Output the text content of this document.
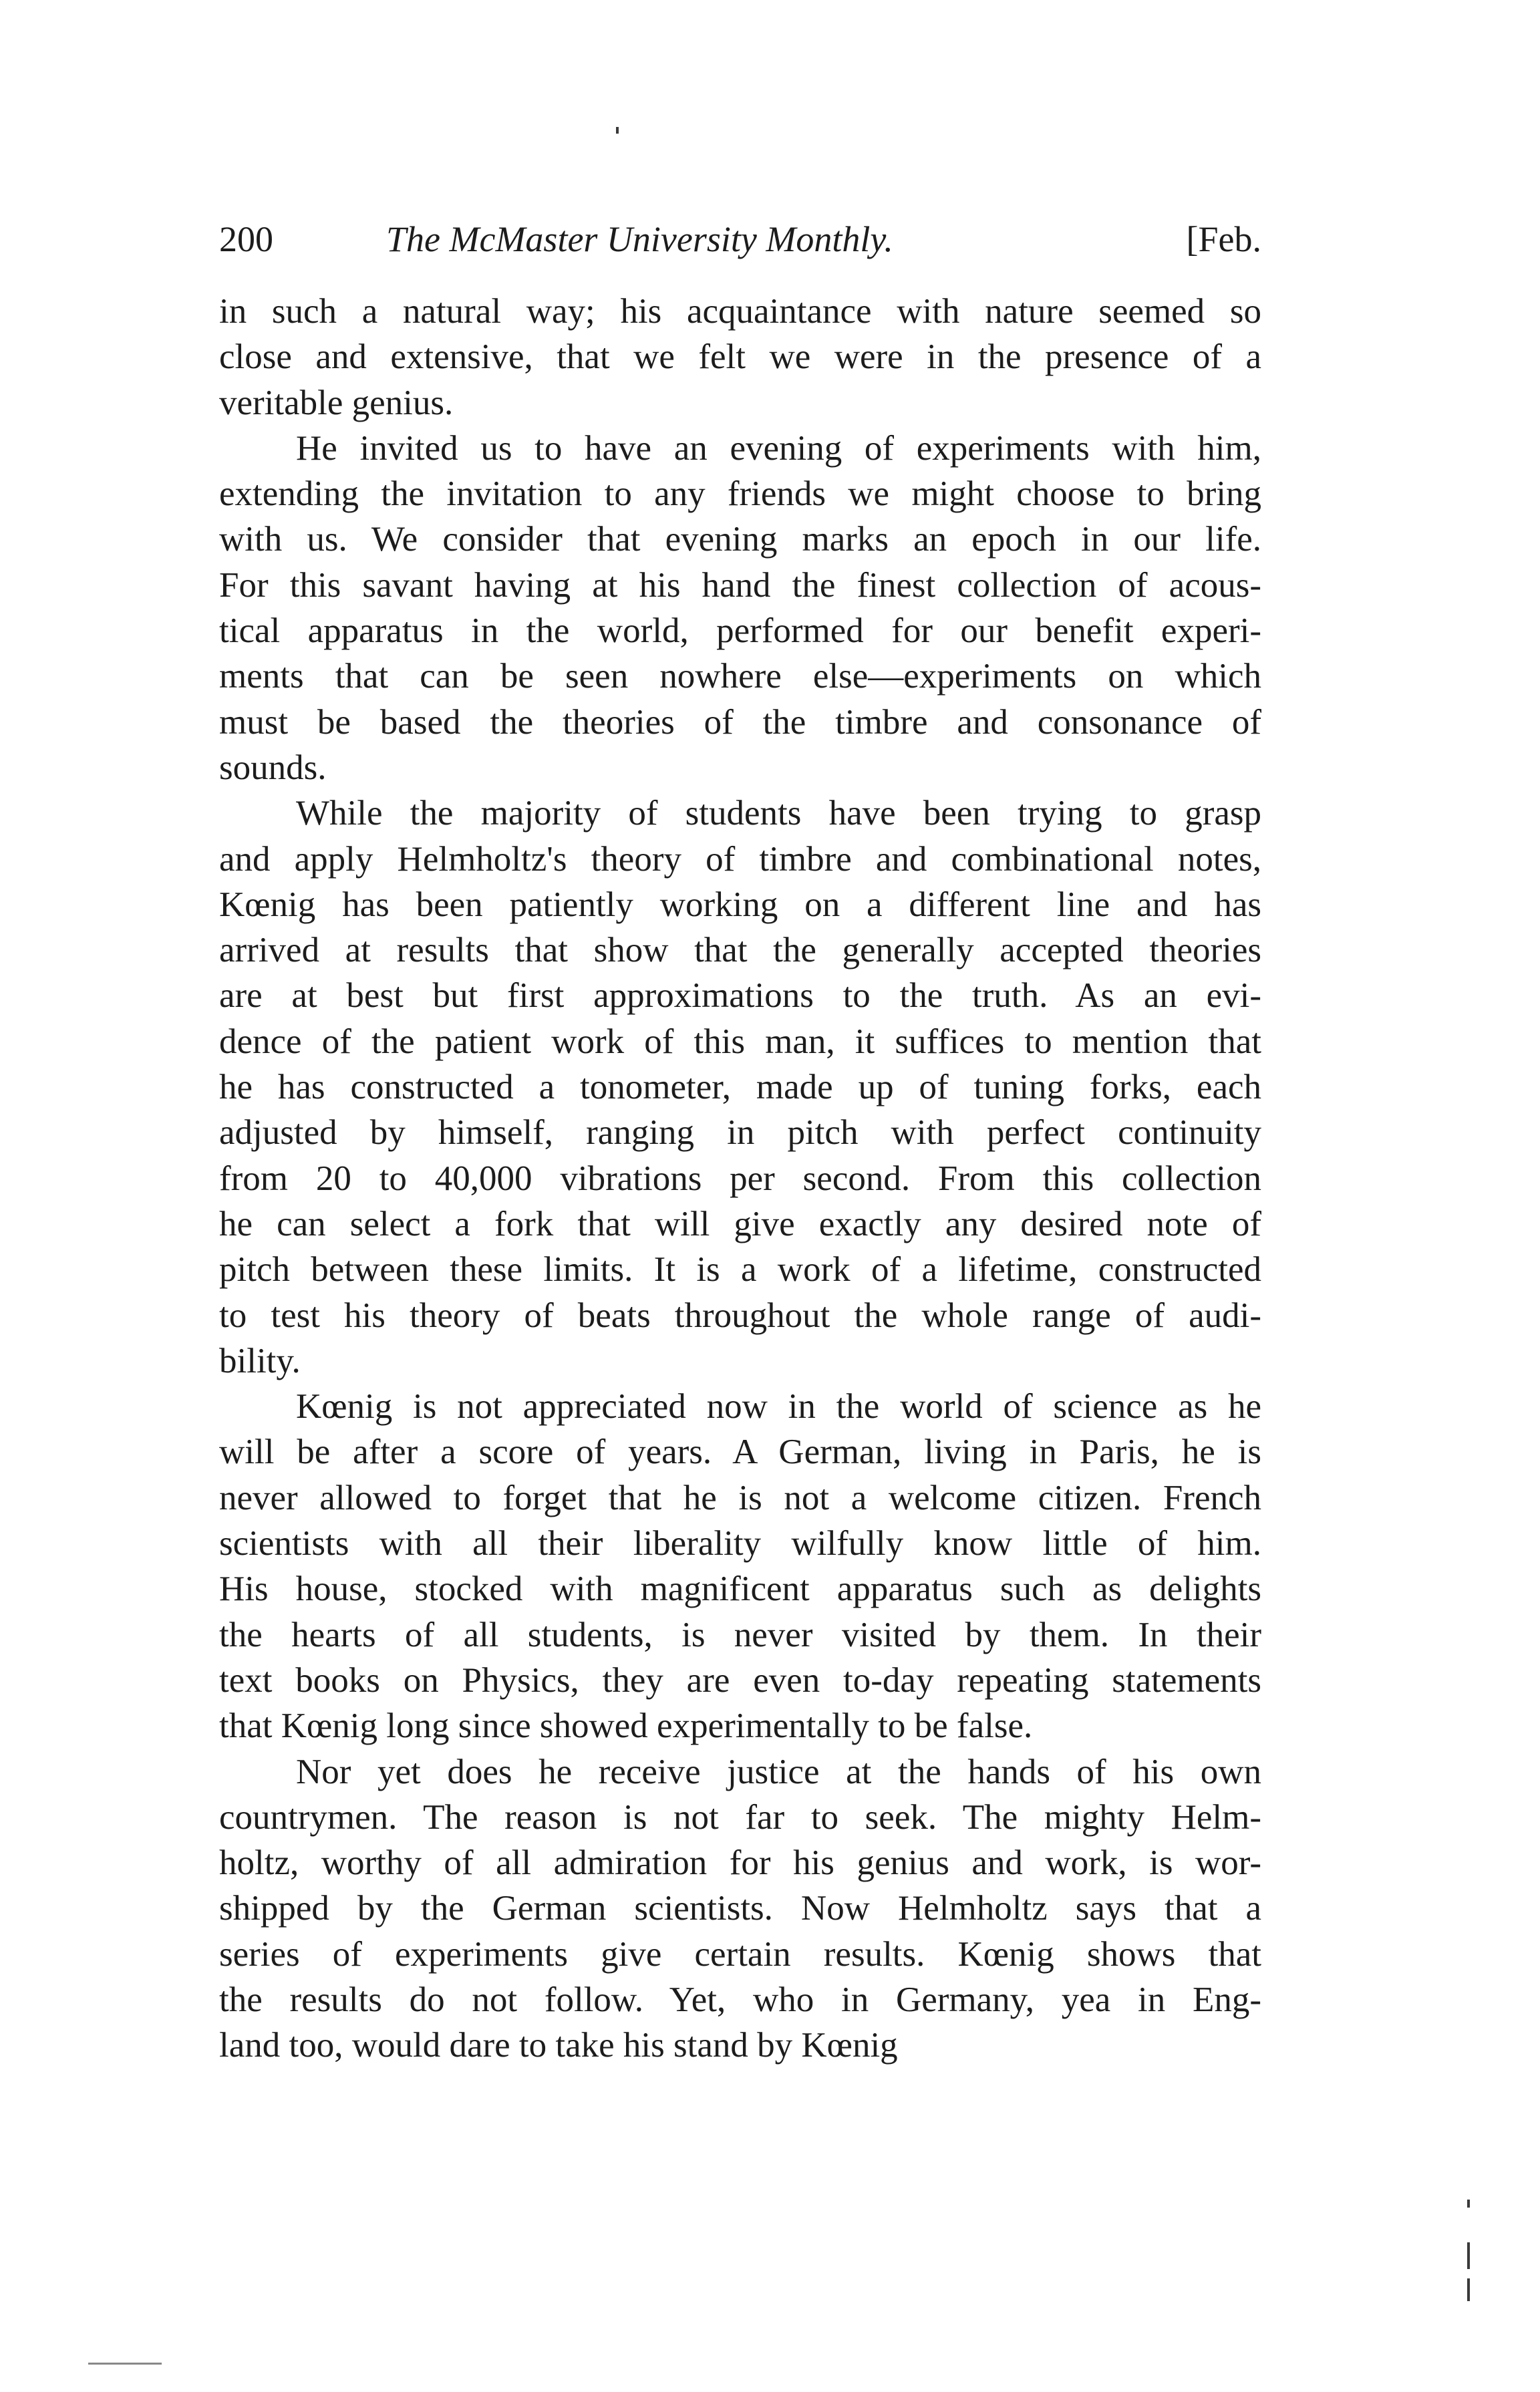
200	The McMaster University Monthly.	[Feb.
in such a natural way; his acquaintance with nature seemed so
close and extensive, that we felt we were in the presence of a
veritable genius.
He invited us to have an evening of experiments with him,
extending the invitation to any friends we might choose to bring
with us. We consider that evening marks an epoch in our life.
For this savant having at his hand the finest collection of acous-
tical apparatus in the world, performed for our benefit experi-
ments that can be seen nowhere else—experiments on which
must be based the theories of the timbre and consonance of
sounds.
While the majority of students have been trying to grasp
and apply Helmholtz's theory of timbre and combinational notes,
Kœnig has been patiently working on a different line and has
arrived at results that show that the generally accepted theories
are at best but first approximations to the truth. As an evi-
dence of the patient work of this man, it suffices to mention that
he has constructed a tonometer, made up of tuning forks, each
adjusted by himself, ranging in pitch with perfect continuity
from 20 to 40,000 vibrations per second. From this collection
he can select a fork that will give exactly any desired note of
pitch between these limits. It is a work of a lifetime, constructed
to test his theory of beats throughout the whole range of audi-
bility.
Kœnig is not appreciated now in the world of science as he
will be after a score of years. A German, living in Paris, he is
never allowed to forget that he is not a welcome citizen. French
scientists with all their liberality wilfully know little of him.
His house, stocked with magnificent apparatus such as delights
the hearts of all students, is never visited by them. In their
text books on Physics, they are even to-day repeating statements
that Kœnig long since showed experimentally to be false.
Nor yet does he receive justice at the hands of his own
countrymen. The reason is not far to seek. The mighty Helm-
holtz, worthy of all admiration for his genius and work, is wor-
shipped by the German scientists. Now Helmholtz says that a
series of experiments give certain results. Kœnig shows that
the results do not follow. Yet, who in Germany, yea in Eng-
land too, would dare to take his stand by Kœnig
